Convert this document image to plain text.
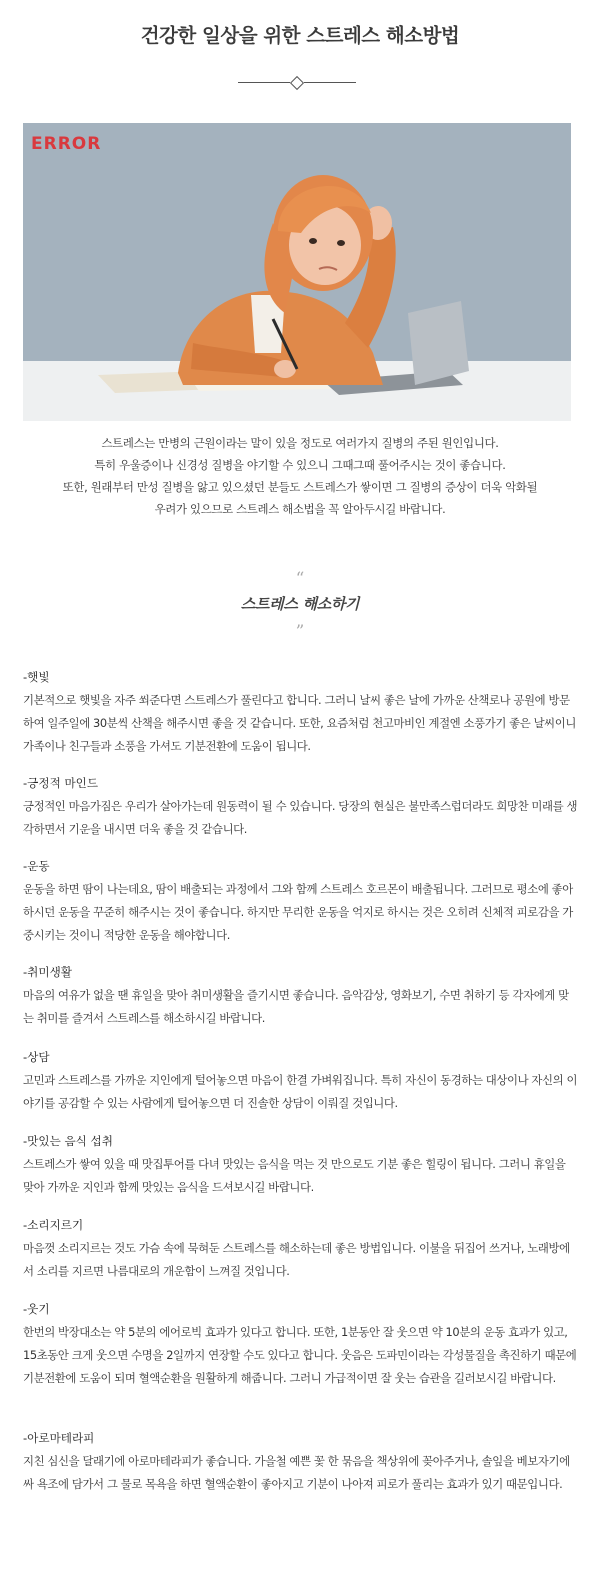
건강한 일상을 위한 스트레스 해소방법
ERROR
스트레스는 만병의 근원이라는 말이 있을 정도로 여러가지 질병의 주된 원인입니다.
특히 우울증이나 신경성 질병을 야기할 수 있으니 그때그때 풀어주시는 것이 좋습니다.
또한, 원래부터 만성 질병을 앓고 있으셨던 분들도 스트레스가 쌓이면 그 질병의 증상이 더욱 악화될
우려가 있으므로 스트레스 해소법을 꼭 알아두시길 바랍니다.
“
스트레스 해소하기
”

-햇빛

기본적으로 햇빛을 자주 쐬준다면 스트레스가 풀린다고 합니다. 그러니 날씨 좋은 날에 가까운 산책로나 공원에 방문하여 일주일에 30분씩 산책을 해주시면 좋을 것 같습니다. 또한, 요즘처럼 천고마비인 계절엔 소풍가기 좋은 날씨이니 가족이나 친구들과 소풍을 가셔도 기분전환에 도움이 됩니다.

-긍정적 마인드

긍정적인 마음가짐은 우리가 살아가는데 원동력이 될 수 있습니다. 당장의 현실은 불만족스럽더라도 희망찬 미래를 생각하면서 기운을 내시면 더욱 좋을 것 같습니다.

-운동

운동을 하면 땀이 나는데요, 땀이 배출되는 과정에서 그와 함께 스트레스 호르몬이 배출됩니다. 그러므로 평소에 좋아하시던 운동을 꾸준히 해주시는 것이 좋습니다. 하지만 무리한 운동을 억지로 하시는 것은 오히려 신체적 피로감을 가중시키는 것이니 적당한 운동을 해야합니다.

-취미생활

마음의 여유가 없을 땐 휴일을 맞아 취미생활을 즐기시면 좋습니다. 음악감상, 영화보기, 수면 취하기 등 각자에게 맞는 취미를 즐겨서 스트레스를 해소하시길 바랍니다.

-상담

고민과 스트레스를 가까운 지인에게 털어놓으면 마음이 한결 가벼워집니다. 특히 자신이 동경하는 대상이나 자신의 이야기를 공감할 수 있는 사람에게 털어놓으면 더 진솔한 상담이 이뤄질 것입니다.

-맛있는 음식 섭취

스트레스가 쌓여 있을 때 맛집투어를 다녀 맛있는 음식을 먹는 것 만으로도 기분 좋은 힐링이 됩니다. 그러니 휴일을 맞아 가까운 지인과 함께 맛있는 음식을 드셔보시길 바랍니다.

-소리지르기

마음껏 소리지르는 것도 가슴 속에 묵혀둔 스트레스를 해소하는데 좋은 방법입니다. 이불을 뒤집어 쓰거나, 노래방에서 소리를 지르면 나름대로의 개운함이 느껴질 것입니다.

-웃기

한번의 박장대소는 약 5분의 에어로빅 효과가 있다고 합니다. 또한, 1분동안 잘 웃으면 약 10분의 운동 효과가 있고, 15초동안 크게 웃으면 수명을 2일까지 연장할 수도 있다고 합니다. 웃음은 도파민이라는 각성물질을 촉진하기 때문에 기분전환에 도움이 되며 혈액순환을 원활하게 해줍니다. 그러니 가급적이면 잘 웃는 습관을 길러보시길 바랍니다.

-아로마테라피

지친 심신을 달래기에 아로마테라피가 좋습니다. 가을철 예쁜 꽃 한 묶음을 책상위에 꽂아주거나, 솔잎을 베보자기에 싸 욕조에 담가서 그 물로 목욕을 하면 혈액순환이 좋아지고 기분이 나아져 피로가 풀리는 효과가 있기 때문입니다.
